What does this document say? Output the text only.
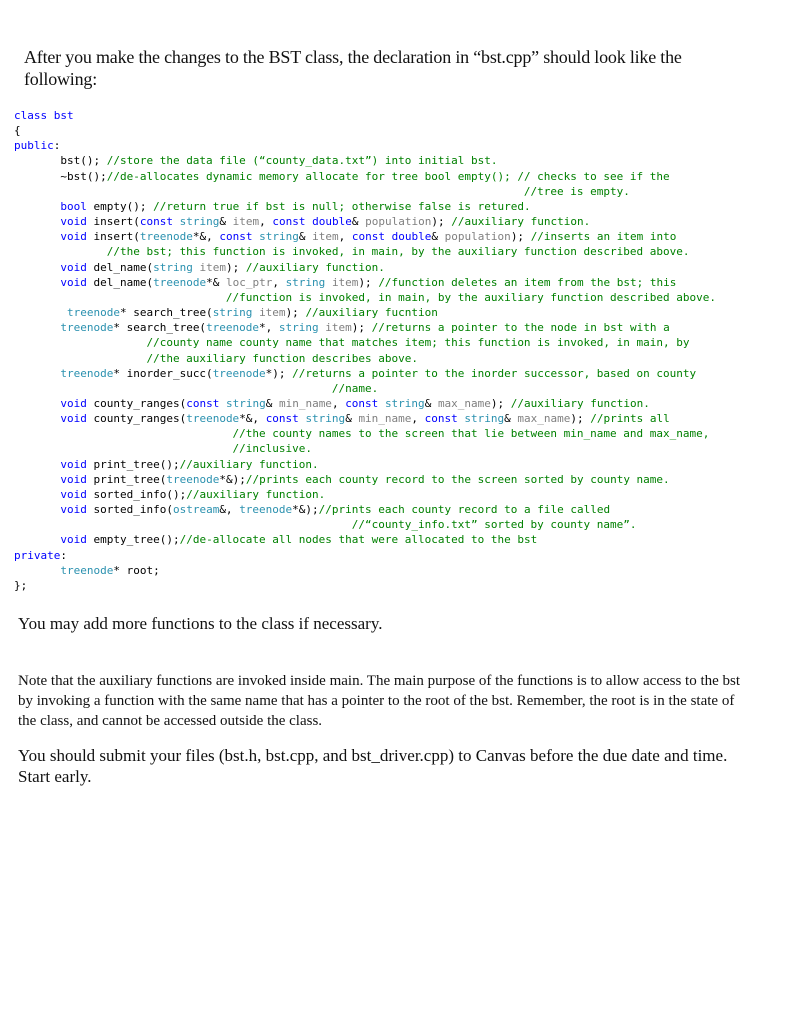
After you make the changes to the BST class, the declaration in “bst.cpp” should look like the following:

class bst
{
public:
bst(); //store the data file (“county_data.txt”) into initial bst.
~bst();//de-allocates dynamic memory allocate for tree bool empty(); // checks to see if the
//tree is empty.
bool empty(); //return true if bst is null; otherwise false is retured.
void insert(const string& item, const double& population); //auxiliary function.
void insert(treenode*&, const string& item, const double& population); //inserts an item into
//the bst; this function is invoked, in main, by the auxiliary function described above.
void del_name(string item); //auxiliary function.
void del_name(treenode*& loc_ptr, string item); //function deletes an item from the bst; this
//function is invoked, in main, by the auxiliary function described above.
treenode* search_tree(string item); //auxiliary fucntion
treenode* search_tree(treenode*, string item); //returns a pointer to the node in bst with a
//county name county name that matches item; this function is invoked, in main, by
//the auxiliary function describes above.
treenode* inorder_succ(treenode*); //returns a pointer to the inorder successor, based on county
//name.
void county_ranges(const string& min_name, const string& max_name); //auxiliary function.
void county_ranges(treenode*&, const string& min_name, const string& max_name); //prints all
//the county names to the screen that lie between min_name and max_name,
//inclusive.
void print_tree();//auxiliary function.
void print_tree(treenode*&);//prints each county record to the screen sorted by county name.
void sorted_info();//auxiliary function.
void sorted_info(ostream&, treenode*&);//prints each county record to a file called
//“county_info.txt” sorted by county name”.
void empty_tree();//de-allocate all nodes that were allocated to the bst
private:
treenode* root;
};

You may add more functions to the class if necessary.

Note that the auxiliary functions are invoked inside main. The main purpose of the functions is to allow access to the bst by invoking a function with the same name that has a pointer to the root of the bst. Remember, the root is in the state of the class, and cannot be accessed outside the class.

You should submit your files (bst.h, bst.cpp, and bst_driver.cpp) to Canvas before the due date and time. Start early.
